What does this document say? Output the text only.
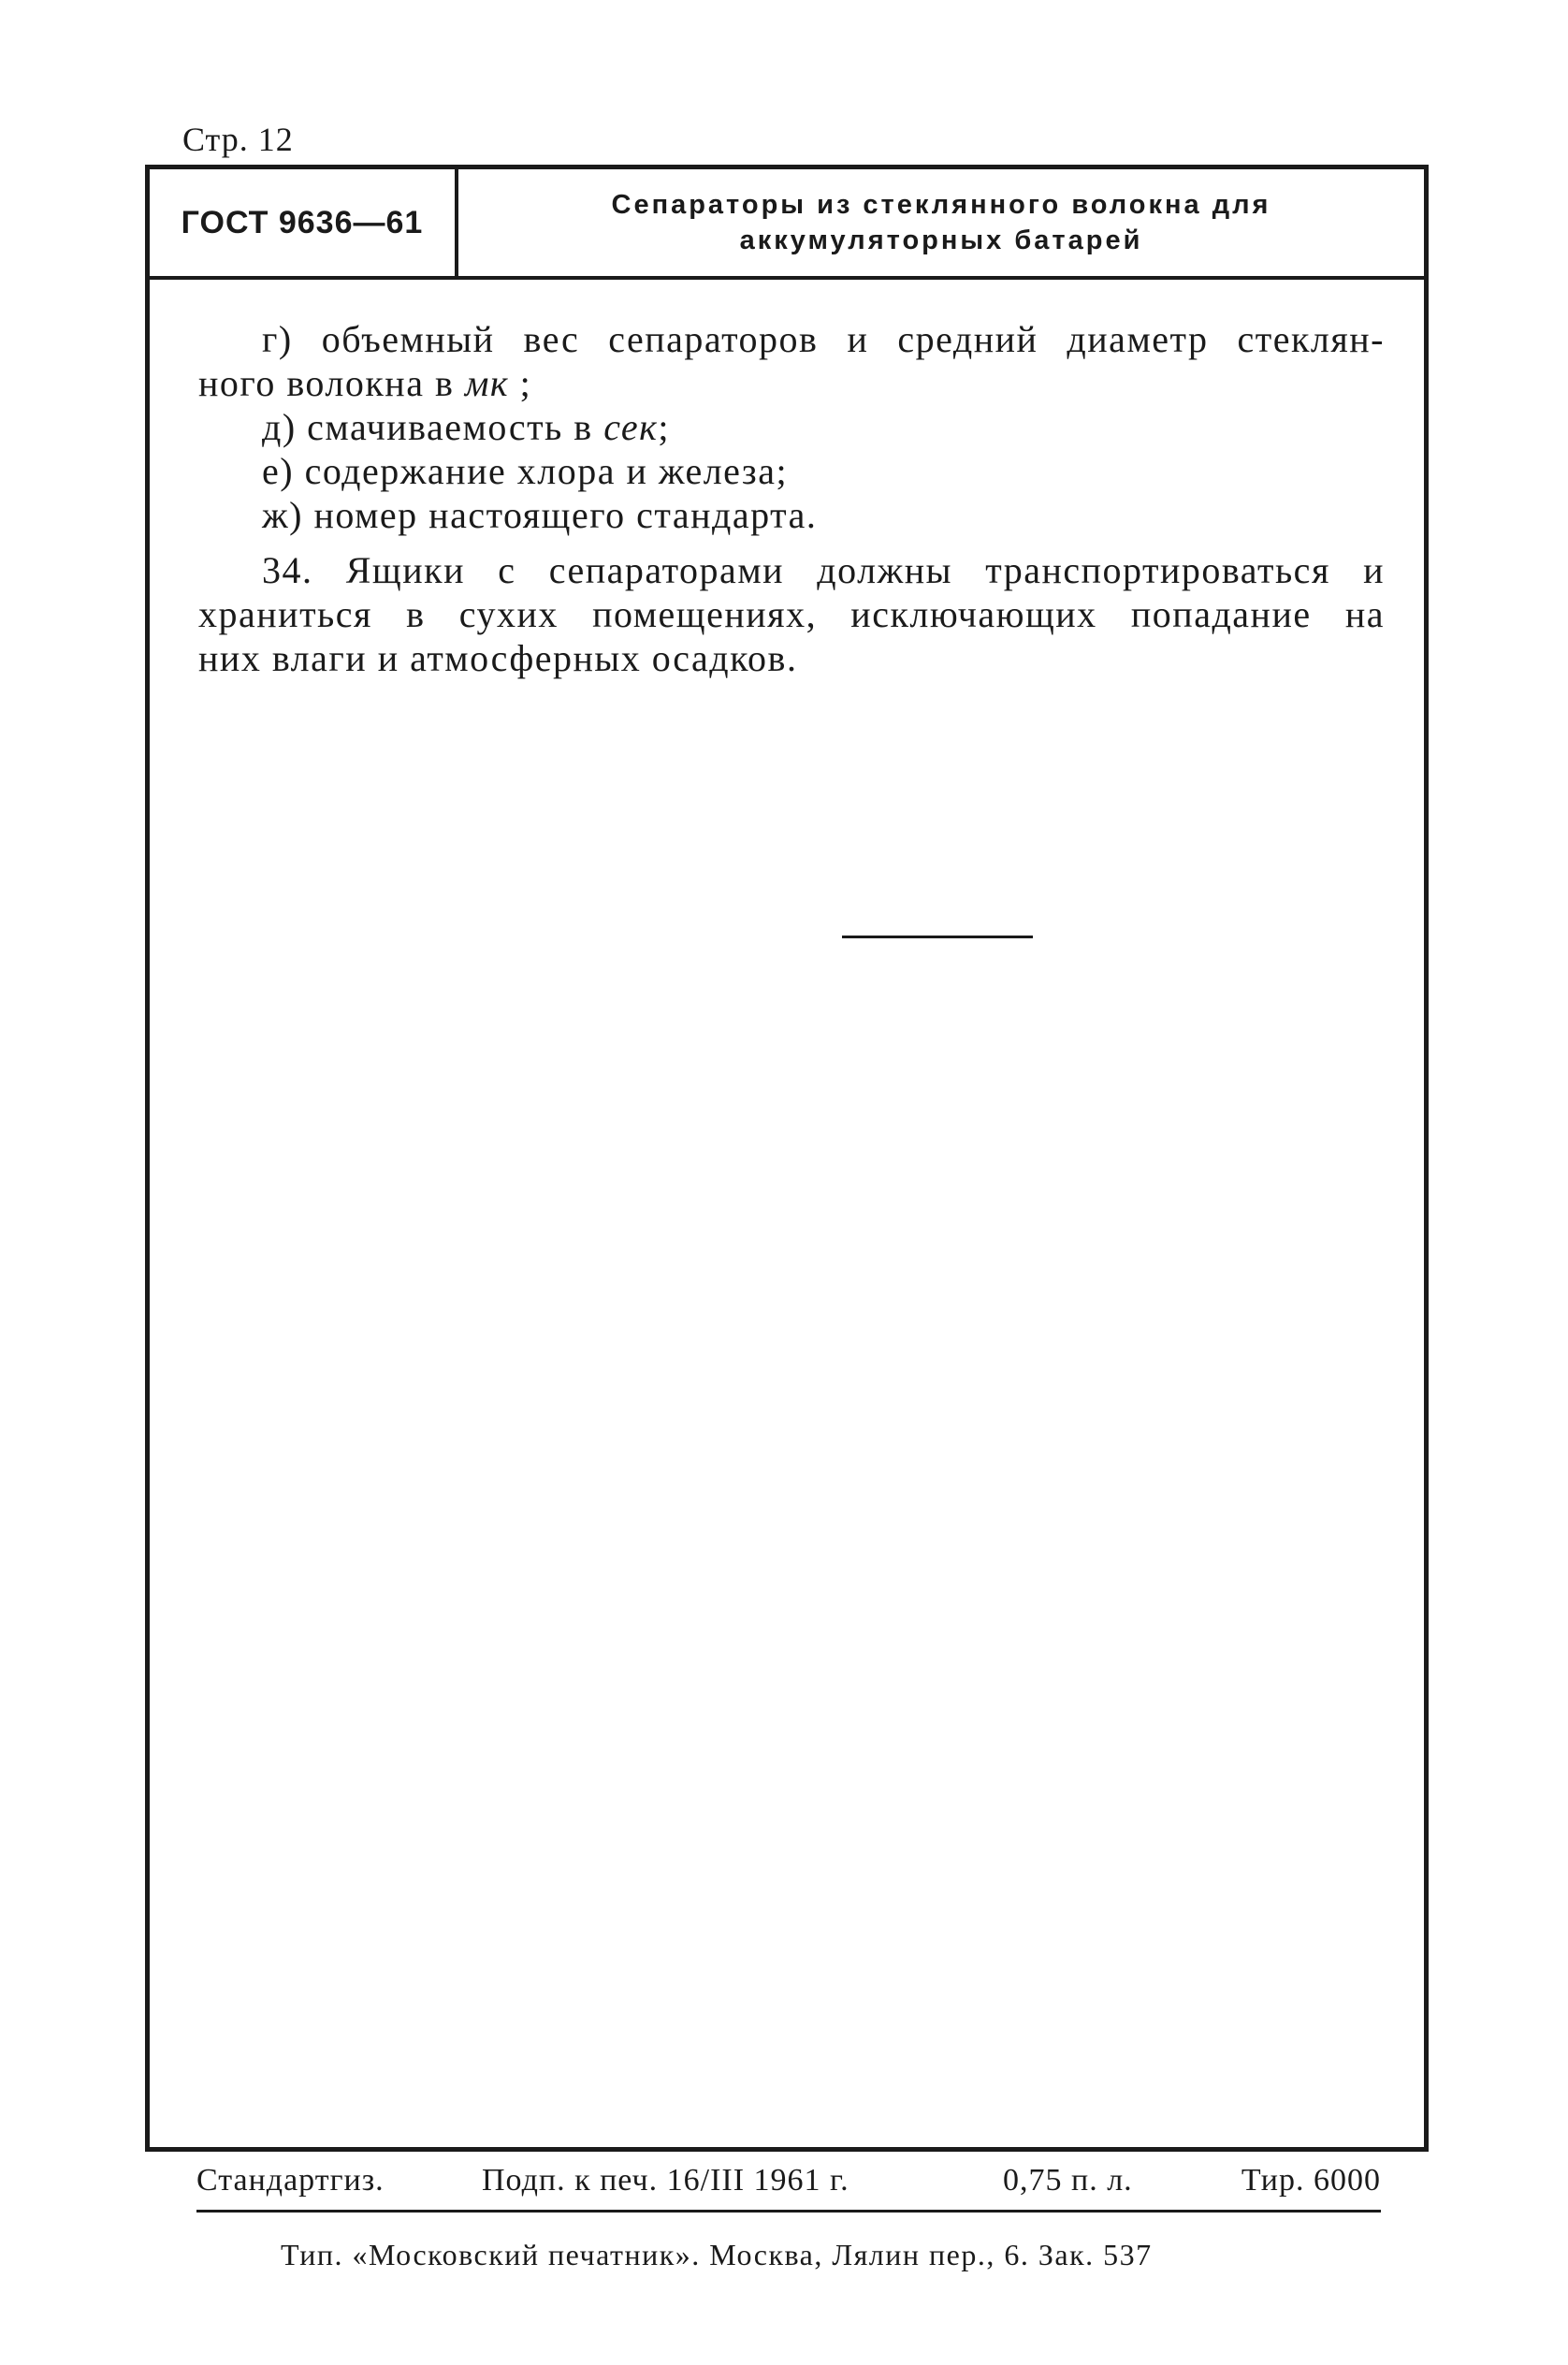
Стр. 12
ГОСТ 9636—61	Сепараторы из стеклянного волокна для
аккумуляторных батарей
г) объемный вес сепараторов и средний диаметр стеклян-
ного волокна в мк ;
д) смачиваемость в сек;
е) содержание хлора и железа;
ж) номер настоящего стандарта.
34. Ящики с сепараторами должны транспортироваться и
храниться в сухих помещениях, исключающих попадание на
них влаги и атмосферных осадков.
Стандартгиз.	Подп. к печ. 16/III 1961 г.	0,75 п. л.	Тир. 6000
Тип. «Московский печатник». Москва, Лялин пер., 6. Зак. 537
